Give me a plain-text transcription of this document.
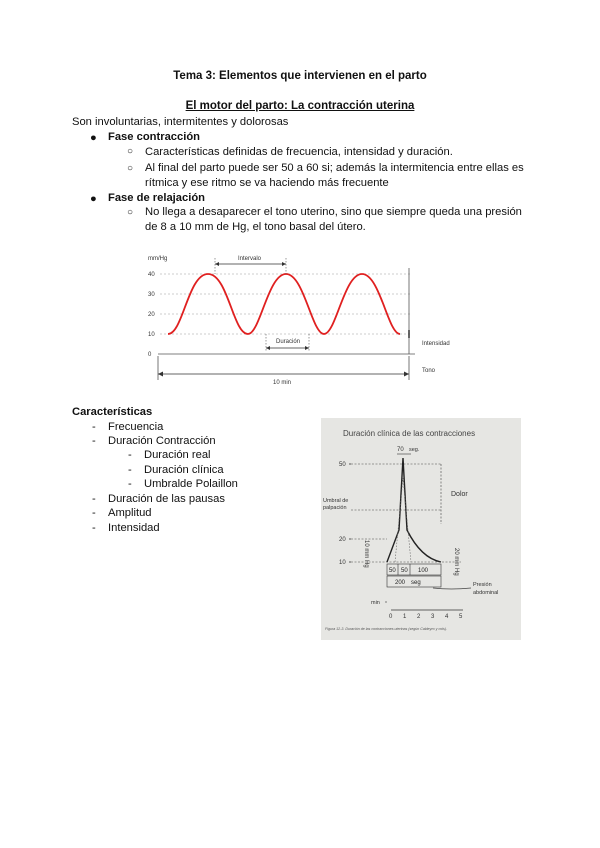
Tema 3: Elementos que intervienen en el parto
El motor del parto: La contracción uterina
Son involuntarias, intermitentes y dolorosas
● Fase contracción
○ Características definidas de frecuencia, intensidad y duración.
○ Al final del parto puede ser 50 a 60 si; además la intermitencia entre ellas es
rítmica y ese ritmo se va haciendo más frecuente
● Fase de relajación
○ No llega a desaparecer el tono uterino, sino que siempre queda una presión
de 8 a 10 mm de Hg, el tono basal del útero.
mm/Hg
40
30
20
10
0
Intervalo
Duración	Intensidad
Tono
10 min
Características
- Frecuencia
- Duración Contracción
- Duración real
- Duración clínica
- Umbralde Polaillon
- Duración de las pausas
- Amplitud
- Intensidad
Duración clínica de las contracciones
70 seg.
50
20
10
Dolor
Umbral de
palpación
10 mm Hg	20 mm Hg
50 50 100
200 seg	Presión
abdominal
min
0 1 2 3 4 5
Figura 12-3. Duración de las contracciones uterinas (según Caldeyro y cols).
